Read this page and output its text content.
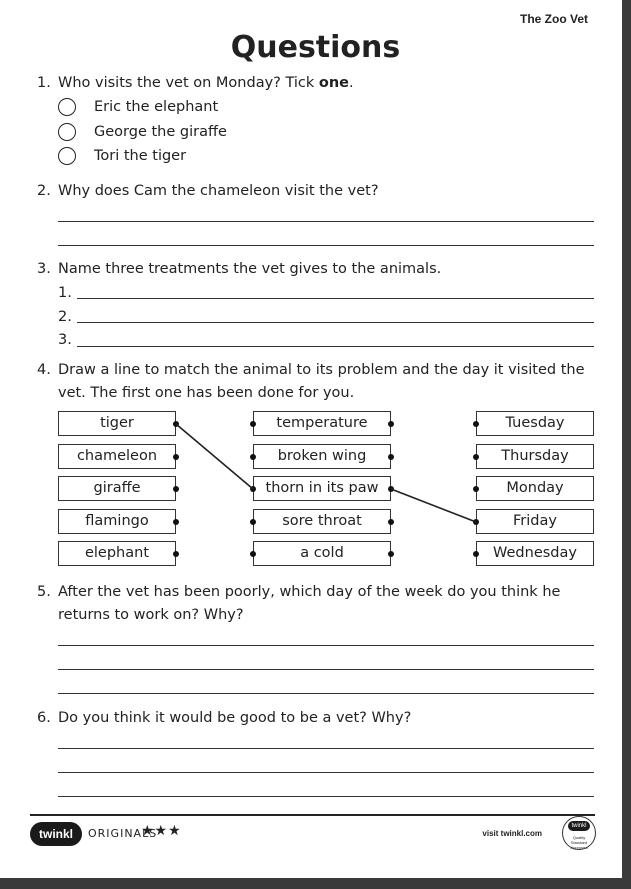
The Zoo Vet
Questions
1. Who visits the vet on Monday? Tick one.
Eric the elephant
George the giraffe
Tori the tiger
2. Why does Cam the chameleon visit the vet?
3. Name three treatments the vet gives to the animals.
1.
2.
3.
4. Draw a line to match the animal to its problem and the day it visited the
vet. The first one has been done for you.
tiger
chameleon
giraffe
flamingo
elephant
temperature
broken wing
thorn in its paw
sore throat
a cold
Tuesday
Thursday
Monday
Friday
Wednesday
5. After the vet has been poorly, which day of the week do you think he
returns to work on? Why?
6. Do you think it would be good to be a vet? Why?
twinkl	ORIGINALS
★★★	visit twinkl.com
twinkl
Quality Standard Approved
